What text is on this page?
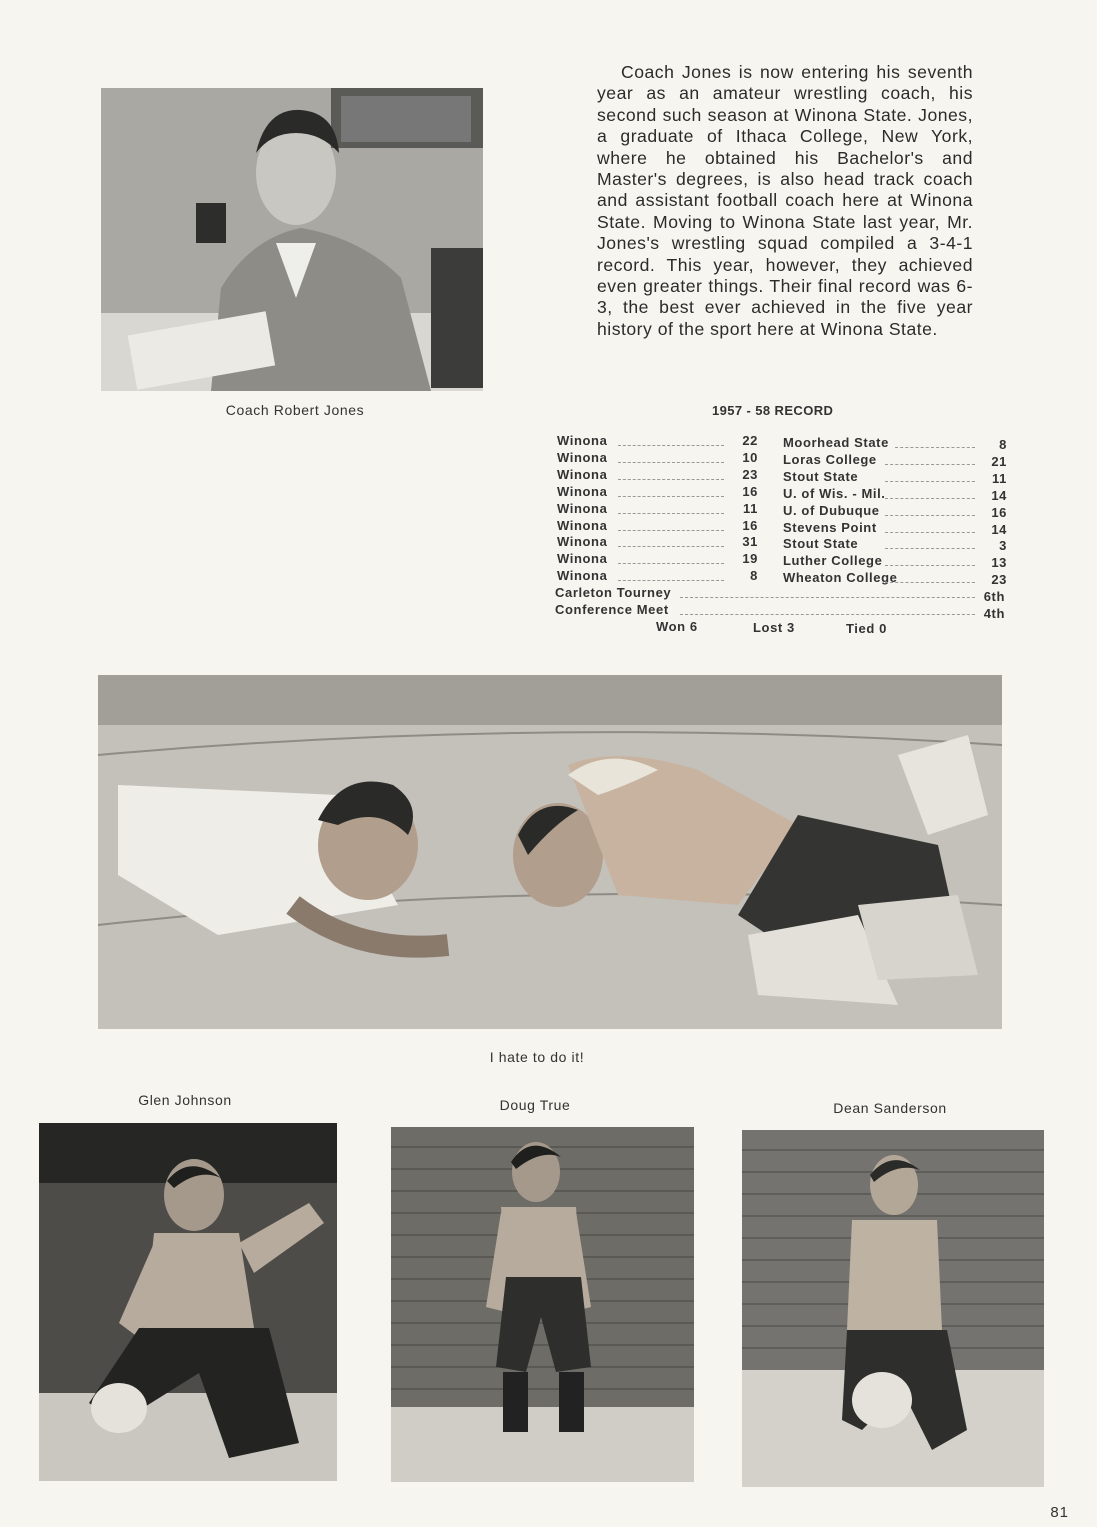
Coach Robert Jones

Coach Jones is now entering his seventh year as an amateur wrestling coach, his second such season at Winona State. Jones, a graduate of Ithaca College, New York, where he obtained his Bachelor's and Master's degrees, is also head track coach and assistant football coach here at Winona State. Moving to Winona State last year, Mr. Jones's wrestling squad compiled a 3-4-1 record. This year, however, they achieved even greater things. Their final record was 6-3, the best ever achieved in the five year history of the sport here at Winona State.

1957 - 58 RECORD
Winona	22 Moorhead State	8
Winona	10 Loras College	21
Winona	23 Stout State	11
Winona	16 U. of Wis. - Mil.	14
Winona	11 U. of Dubuque	16
Winona	16 Stevens Point	14
Winona	31 Stout State	3
Winona	19 Luther College	13
Winona	8 Wheaton College	23
Carleton Tourney	6th
Conference Meet	4th
Won 6	Lost 3	Tied 0
I hate to do it!
Glen Johnson	Doug True	Dean Sanderson
81
